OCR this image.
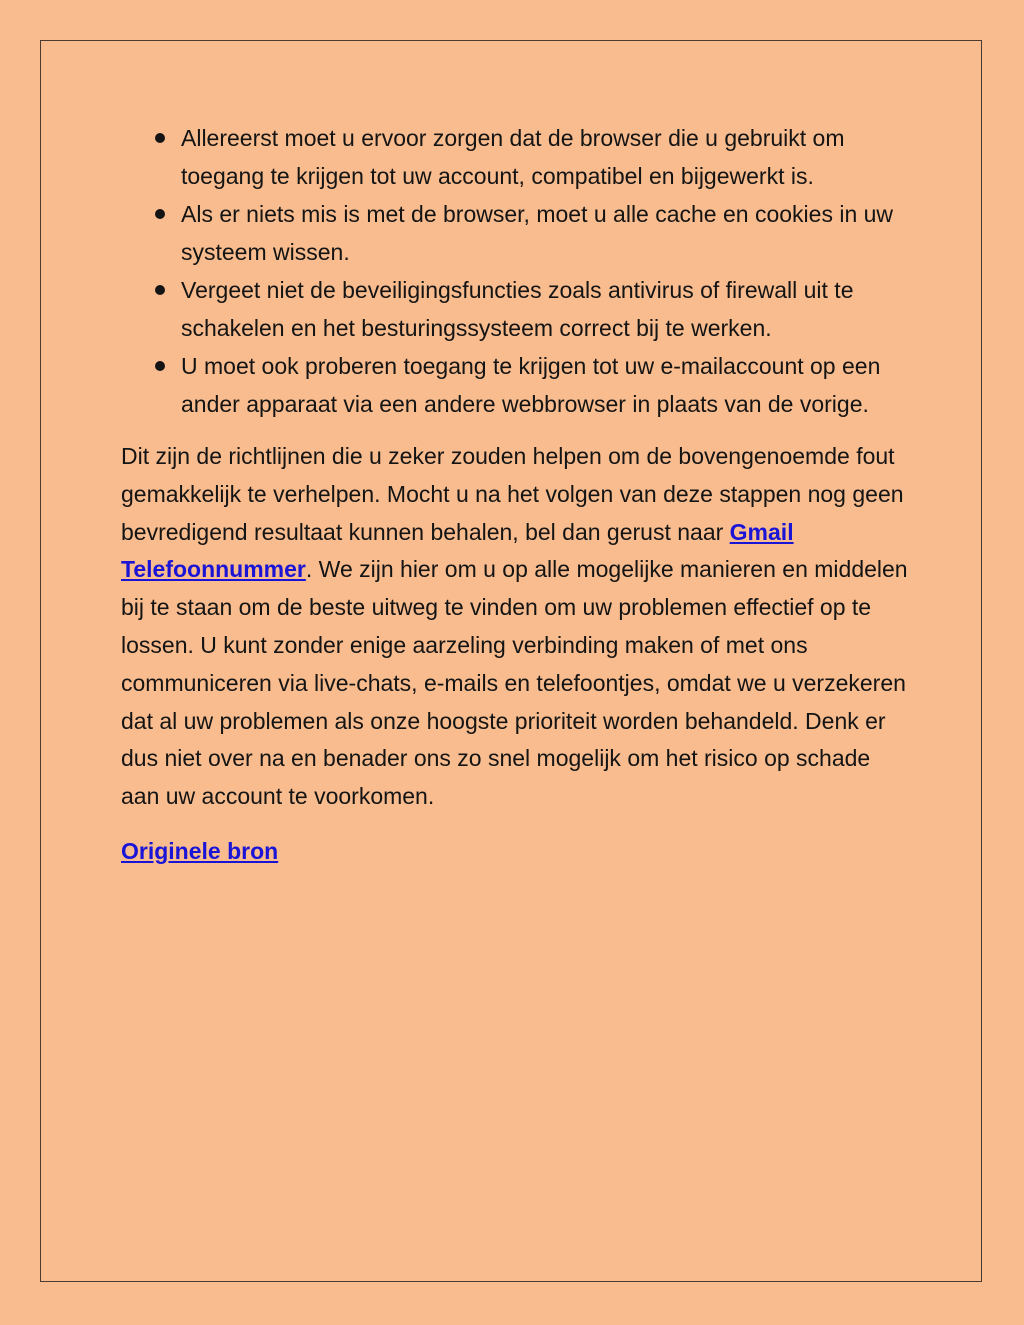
Allereerst moet u ervoor zorgen dat de browser die u gebruikt om toegang te krijgen tot uw account, compatibel en bijgewerkt is.
Als er niets mis is met de browser, moet u alle cache en cookies in uw systeem wissen.
Vergeet niet de beveiligingsfuncties zoals antivirus of firewall uit te schakelen en het besturingssysteem correct bij te werken.
U moet ook proberen toegang te krijgen tot uw e-mailaccount op een ander apparaat via een andere webbrowser in plaats van de vorige.

Dit zijn de richtlijnen die u zeker zouden helpen om de bovengenoemde fout gemakkelijk te verhelpen. Mocht u na het volgen van deze stappen nog geen bevredigend resultaat kunnen behalen, bel dan gerust naar Gmail Telefoonnummer. We zijn hier om u op alle mogelijke manieren en middelen bij te staan om de beste uitweg te vinden om uw problemen effectief op te lossen. U kunt zonder enige aarzeling verbinding maken of met ons communiceren via live-chats, e-mails en telefoontjes, omdat we u verzekeren dat al uw problemen als onze hoogste prioriteit worden behandeld. Denk er dus niet over na en benader ons zo snel mogelijk om het risico op schade aan uw account te voorkomen.

Originele bron
